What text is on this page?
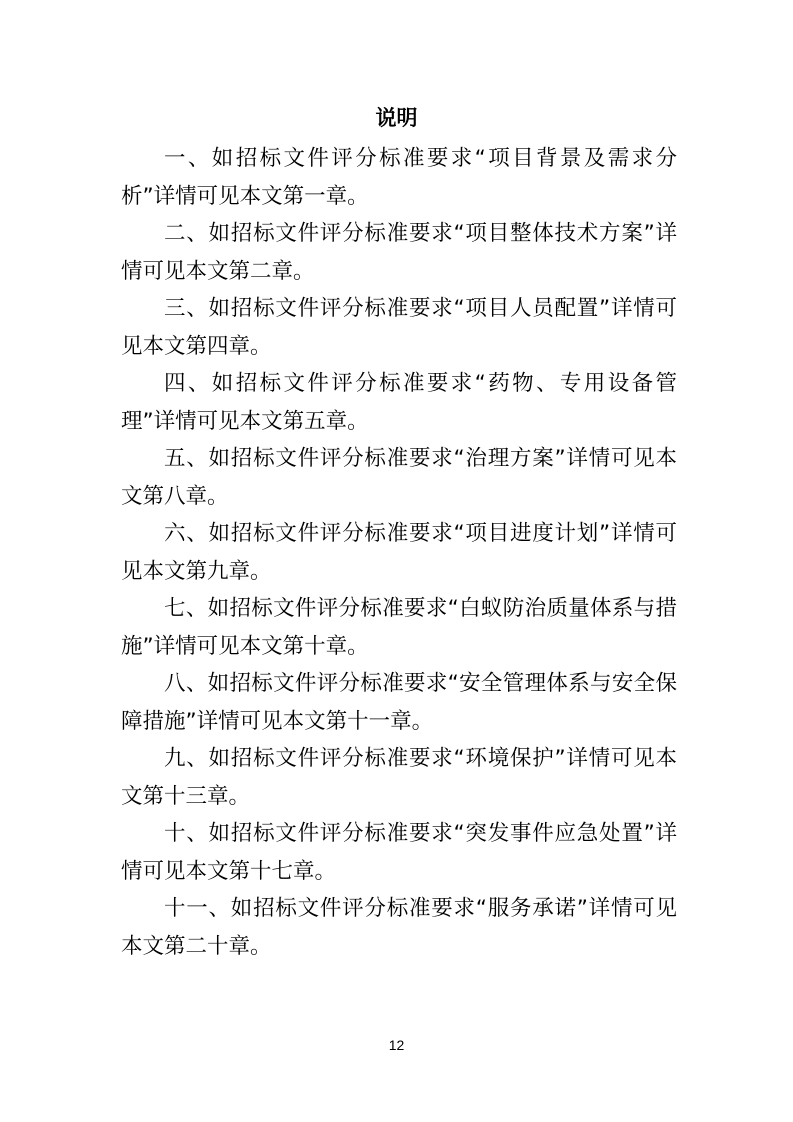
说明

一、如招标文件评分标准要求“项目背景及需求分析”详情可见本文第一章。

二、如招标文件评分标准要求“项目整体技术方案”详情可见本文第二章。

三、如招标文件评分标准要求“项目人员配置”详情可见本文第四章。

四、如招标文件评分标准要求“药物、专用设备管理”详情可见本文第五章。

五、如招标文件评分标准要求“治理方案”详情可见本文第八章。

六、如招标文件评分标准要求“项目进度计划”详情可见本文第九章。

七、如招标文件评分标准要求“白蚁防治质量体系与措施”详情可见本文第十章。

八、如招标文件评分标准要求“安全管理体系与安全保障措施”详情可见本文第十一章。

九、如招标文件评分标准要求“环境保护”详情可见本文第十三章。

十、如招标文件评分标准要求“突发事件应急处置”详情可见本文第十七章。

十一、如招标文件评分标准要求“服务承诺”详情可见本文第二十章。

12
